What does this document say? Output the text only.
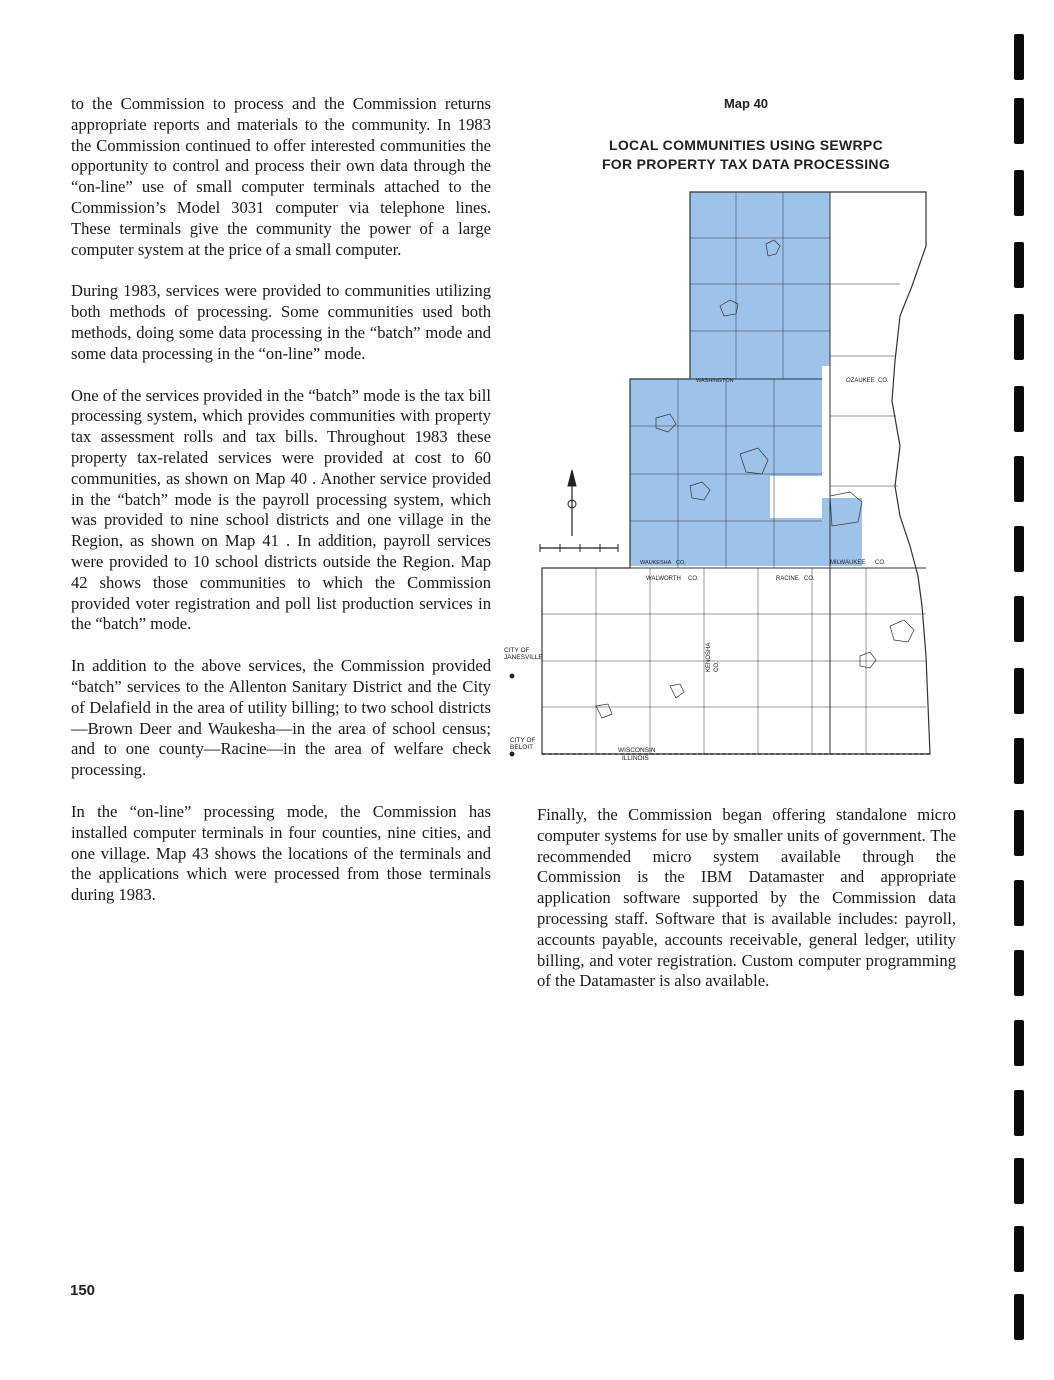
to the Commission to process and the Commission returns appropriate reports and materials to the community. In 1983 the Commission continued to offer interested communities the opportunity to control and process their own data through the “on-line” use of small computer terminals attached to the Commission’s Model 3031 computer via telephone lines. These terminals give the community the power of a large computer system at the price of a small computer.

During 1983, services were provided to communities utilizing both methods of processing. Some communities used both methods, doing some data processing in the “batch” mode and some data processing in the “on-line” mode.

One of the services provided in the “batch” mode is the tax bill processing system, which provides communities with property tax assessment rolls and tax bills. Throughout 1983 these property tax-related services were provided at cost to 60 communities, as shown on Map 40 . Another service provided in the “batch” mode is the payroll processing system, which was provided to nine school districts and one village in the Region, as shown on Map 41 . In addition, payroll services were provided to 10 school districts outside the Region. Map 42 shows those communities to which the Commission provided voter registration and poll list production services in the “batch” mode.

In addition to the above services, the Commission provided “batch” services to the Allenton Sanitary District and the City of Delafield in the area of utility billing; to two school districts—Brown Deer and Waukesha—in the area of school census; and to one county—Racine—in the area of welfare check processing.

In the “on-line” processing mode, the Commission has installed computer terminals in four counties, nine cities, and one village. Map 43 shows the locations of the terminals and the applications which were processed from those terminals during 1983.

Map 40
LOCAL COMMUNITIES USING SEWRPC
FOR PROPERTY TAX DATA PROCESSING
CITY OF
JANESVILLE
CITY OF
BELOIT
WALWORTH CO.	RACINE CO.
WAUKESHA CO.	MILWAUKEE CO.
OZAUKEE CO.
WASHINGTON
KENOSHA CO.
WISCONSIN
ILLINOIS

Finally, the Commission began offering standalone micro computer systems for use by smaller units of government. The recommended micro system available through the Commission is the IBM Datamaster and appropriate application software supported by the Commission data processing staff. Software that is available includes: payroll, accounts payable, accounts receivable, general ledger, utility billing, and voter registration. Custom computer programming of the Datamaster is also available.

150
